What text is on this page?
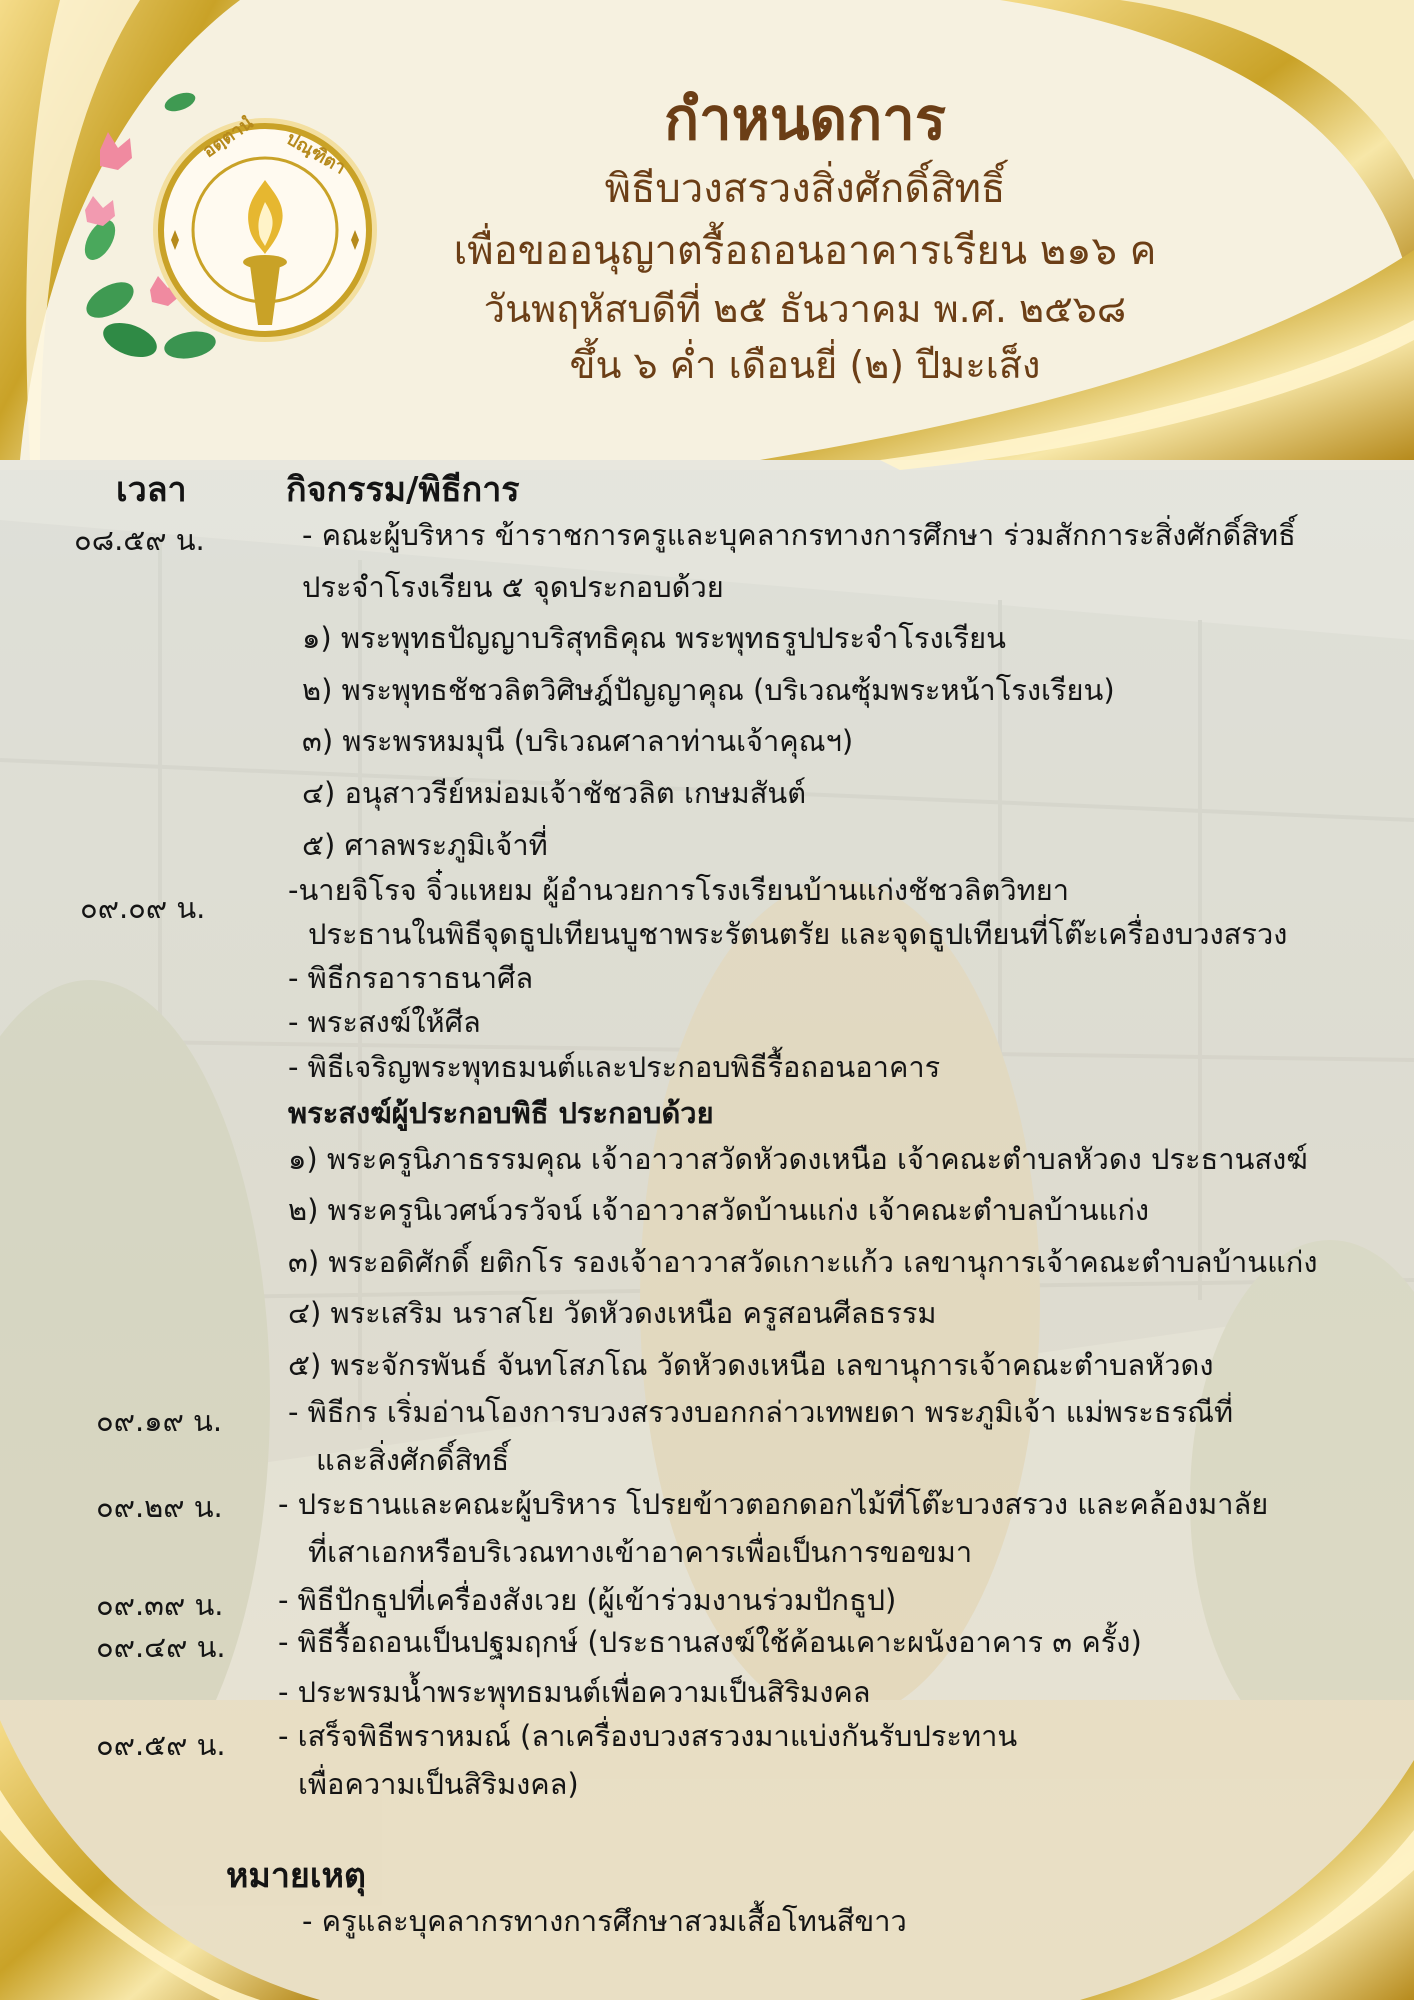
อตฺตานํ ปณฺฑิตา
กำหนดการ
พิธีบวงสรวงสิ่งศักดิ์สิทธิ์
เพื่อขออนุญาตรื้อถอนอาคารเรียน ๒๑๖ ค
วันพฤหัสบดีที่ ๒๕ ธันวาคม พ.ศ. ๒๕๖๘
ขึ้น ๖ ค่ำ เดือนยี่ (๒) ปีมะเส็ง
เวลา	กิจกรรม/พิธีการ
๐๘.๕๙ น.
๐๙.๐๙ น.
๐๙.๑๙ น.
๐๙.๒๙ น.
๐๙.๓๙ น.
๐๙.๔๙ น.
๐๙.๕๙ น.
- คณะผู้บริหาร ข้าราชการครูและบุคลากรทางการศึกษา ร่วมสักการะสิ่งศักดิ์สิทธิ์
ประจำโรงเรียน ๕ จุดประกอบด้วย
๑) พระพุทธปัญญาบริสุทธิคุณ พระพุทธรูปประจำโรงเรียน
๒) พระพุทธชัชวลิตวิศิษฎ์ปัญญาคุณ (บริเวณซุ้มพระหน้าโรงเรียน)
๓) พระพรหมมุนี (บริเวณศาลาท่านเจ้าคุณฯ)
๔) อนุสาวรีย์หม่อมเจ้าชัชวลิต เกษมสันต์
๕) ศาลพระภูมิเจ้าที่
-นายจิโรจ จิ๋วแหยม ผู้อำนวยการโรงเรียนบ้านแก่งชัชวลิตวิทยา
ประธานในพิธีจุดธูปเทียนบูชาพระรัตนตรัย และจุดธูปเทียนที่โต๊ะเครื่องบวงสรวง
- พิธีกรอาราธนาศีล
- พระสงฆ์ให้ศีล
- พิธีเจริญพระพุทธมนต์และประกอบพิธีรื้อถอนอาคาร
พระสงฆ์ผู้ประกอบพิธี ประกอบด้วย
๑) พระครูนิภาธรรมคุณ เจ้าอาวาสวัดหัวดงเหนือ เจ้าคณะตำบลหัวดง ประธานสงฆ์
๒) พระครูนิเวศน์วรวัจน์ เจ้าอาวาสวัดบ้านแก่ง เจ้าคณะตำบลบ้านแก่ง
๓) พระอดิศักดิ์ ยติกโร รองเจ้าอาวาสวัดเกาะแก้ว เลขานุการเจ้าคณะตำบลบ้านแก่ง
๔) พระเสริม นราสโย วัดหัวดงเหนือ ครูสอนศีลธรรม
๕) พระจักรพันธ์ จันทโสภโณ วัดหัวดงเหนือ เลขานุการเจ้าคณะตำบลหัวดง
- พิธีกร เริ่มอ่านโองการบวงสรวงบอกกล่าวเทพยดา พระภูมิเจ้า แม่พระธรณีที่
และสิ่งศักดิ์สิทธิ์
- ประธานและคณะผู้บริหาร โปรยข้าวตอกดอกไม้ที่โต๊ะบวงสรวง และคล้องมาลัย
ที่เสาเอกหรือบริเวณทางเข้าอาคารเพื่อเป็นการขอขมา
- พิธีปักธูปที่เครื่องสังเวย (ผู้เข้าร่วมงานร่วมปักธูป)
- พิธีรื้อถอนเป็นปฐมฤกษ์ (ประธานสงฆ์ใช้ค้อนเคาะผนังอาคาร ๓ ครั้ง)
- ประพรมน้ำพระพุทธมนต์เพื่อความเป็นสิริมงคล
- เสร็จพิธีพราหมณ์ (ลาเครื่องบวงสรวงมาแบ่งกันรับประทาน
เพื่อความเป็นสิริมงคล)
หมายเหตุ
- ครูและบุคลากรทางการศึกษาสวมเสื้อโทนสีขาว
